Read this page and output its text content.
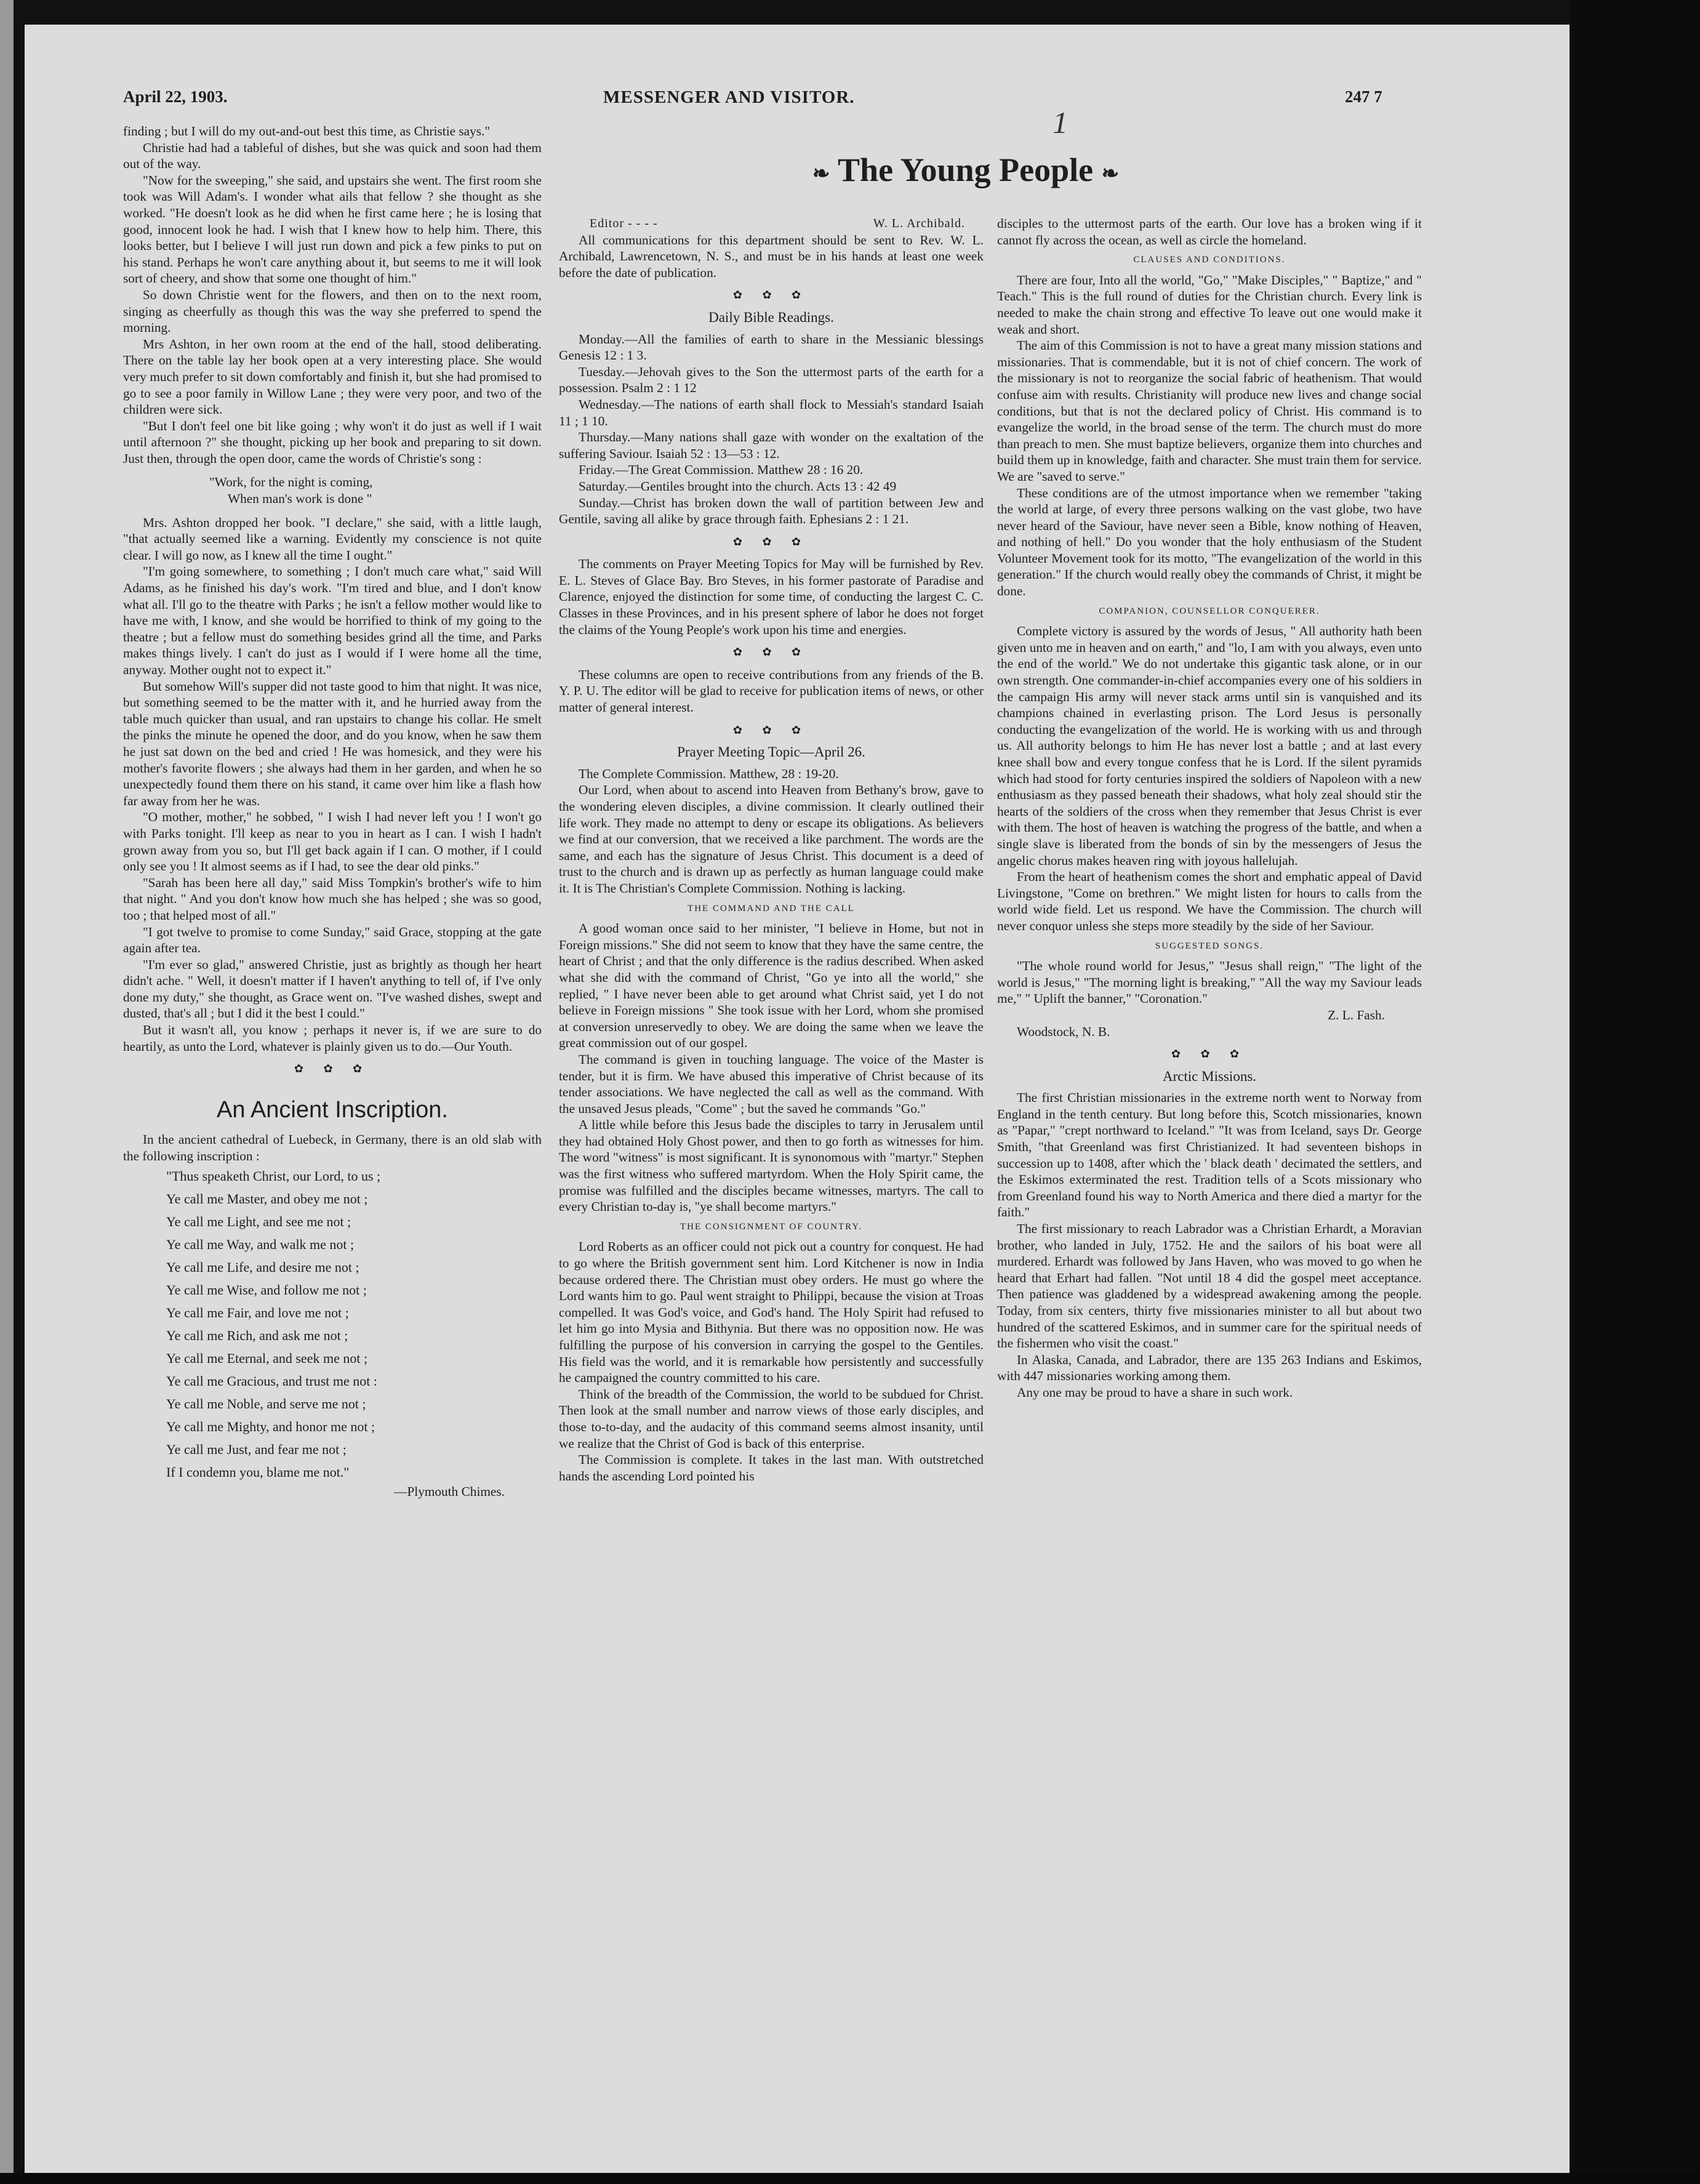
April 22, 1903.	MESSENGER AND VISITOR.	247 7
1
❧ The Young People ❧

finding ; but I will do my out-and-out best this time, as Christie says."

Christie had had a tableful of dishes, but she was quick and soon had them out of the way.

"Now for the sweeping," she said, and upstairs she went. The first room she took was Will Adam's. I wonder what ails that fellow ? she thought as she worked. "He doesn't look as he did when he first came here ; he is losing that good, innocent look he had. I wish that I knew how to help him. There, this looks better, but I believe I will just run down and pick a few pinks to put on his stand. Perhaps he won't care anything about it, but seems to me it will look sort of cheery, and show that some one thought of him."

So down Christie went for the flowers, and then on to the next room, singing as cheerfully as though this was the way she preferred to spend the morning.

Mrs Ashton, in her own room at the end of the hall, stood deliberating. There on the table lay her book open at a very interesting place. She would very much prefer to sit down comfortably and finish it, but she had promised to go to see a poor family in Willow Lane ; they were very poor, and two of the children were sick.

"But I don't feel one bit like going ; why won't it do just as well if I wait until afternoon ?" she thought, picking up her book and preparing to sit down. Just then, through the open door, came the words of Christie's song :

"Work, for the night is coming,
When man's work is done "

Mrs. Ashton dropped her book. "I declare," she said, with a little laugh, "that actually seemed like a warning. Evidently my conscience is not quite clear. I will go now, as I knew all the time I ought."

"I'm going somewhere, to something ; I don't much care what," said Will Adams, as he finished his day's work. "I'm tired and blue, and I don't know what all. I'll go to the theatre with Parks ; he isn't a fellow mother would like to have me with, I know, and she would be horrified to think of my going to the theatre ; but a fellow must do something besides grind all the time, and Parks makes things lively. I can't do just as I would if I were home all the time, anyway. Mother ought not to expect it."

But somehow Will's supper did not taste good to him that night. It was nice, but something seemed to be the matter with it, and he hurried away from the table much quicker than usual, and ran upstairs to change his collar. He smelt the pinks the minute he opened the door, and do you know, when he saw them he just sat down on the bed and cried ! He was homesick, and they were his mother's favorite flowers ; she always had them in her garden, and when he so unexpectedly found them there on his stand, it came over him like a flash how far away from her he was.

"O mother, mother," he sobbed, " I wish I had never left you ! I won't go with Parks tonight. I'll keep as near to you in heart as I can. I wish I hadn't grown away from you so, but I'll get back again if I can. O mother, if I could only see you ! It almost seems as if I had, to see the dear old pinks."

"Sarah has been here all day," said Miss Tompkin's brother's wife to him that night. " And you don't know how much she has helped ; she was so good, too ; that helped most of all."

"I got twelve to promise to come Sunday," said Grace, stopping at the gate again after tea.

"I'm ever so glad," answered Christie, just as brightly as though her heart didn't ache. " Well, it doesn't matter if I haven't anything to tell of, if I've only done my duty," she thought, as Grace went on. "I've washed dishes, swept and dusted, that's all ; but I did it the best I could."

But it wasn't all, you know ; perhaps it never is, if we are sure to do heartily, as unto the Lord, whatever is plainly given us to do.—Our Youth.

✿ ✿ ✿
An Ancient Inscription.

In the ancient cathedral of Luebeck, in Germany, there is an old slab with the following inscription :

"Thus speaketh Christ, our Lord, to us ;
Ye call me Master, and obey me not ;
Ye call me Light, and see me not ;
Ye call me Way, and walk me not ;
Ye call me Life, and desire me not ;
Ye call me Wise, and follow me not ;
Ye call me Fair, and love me not ;
Ye call me Rich, and ask me not ;
Ye call me Eternal, and seek me not ;
Ye call me Gracious, and trust me not :
Ye call me Noble, and serve me not ;
Ye call me Mighty, and honor me not ;
Ye call me Just, and fear me not ;
If I condemn you, blame me not."
—Plymouth Chimes.
Editor - - - -	W. L. Archibald.

All communications for this department should be sent to Rev. W. L. Archibald, Lawrencetown, N. S., and must be in his hands at least one week before the date of publication.

✿ ✿ ✿
Daily Bible Readings.

Monday.—All the families of earth to share in the Messianic blessings Genesis 12 : 1 3.

Tuesday.—Jehovah gives to the Son the uttermost parts of the earth for a possession. Psalm 2 : 1 12

Wednesday.—The nations of earth shall flock to Messiah's standard Isaiah 11 ; 1 10.

Thursday.—Many nations shall gaze with wonder on the exaltation of the suffering Saviour. Isaiah 52 : 13—53 : 12.

Friday.—The Great Commission. Matthew 28 : 16 20.

Saturday.—Gentiles brought into the church. Acts 13 : 42 49

Sunday.—Christ has broken down the wall of partition between Jew and Gentile, saving all alike by grace through faith. Ephesians 2 : 1 21.

✿ ✿ ✿

The comments on Prayer Meeting Topics for May will be furnished by Rev. E. L. Steves of Glace Bay. Bro Steves, in his former pastorate of Paradise and Clarence, enjoyed the distinction for some time, of conducting the largest C. C. Classes in these Provinces, and in his present sphere of labor he does not forget the claims of the Young People's work upon his time and energies.

✿ ✿ ✿

These columns are open to receive contributions from any friends of the B. Y. P. U. The editor will be glad to receive for publication items of news, or other matter of general interest.

✿ ✿ ✿
Prayer Meeting Topic—April 26.

The Complete Commission. Matthew, 28 : 19-20.

Our Lord, when about to ascend into Heaven from Bethany's brow, gave to the wondering eleven disciples, a divine commission. It clearly outlined their life work. They made no attempt to deny or escape its obligations. As believers we find at our conversion, that we received a like parchment. The words are the same, and each has the signature of Jesus Christ. This document is a deed of trust to the church and is drawn up as perfectly as human language could make it. It is The Christian's Complete Commission. Nothing is lacking.

THE COMMAND AND THE CALL

A good woman once said to her minister, "I believe in Home, but not in Foreign missions." She did not seem to know that they have the same centre, the heart of Christ ; and that the only difference is the radius described. When asked what she did with the command of Christ, "Go ye into all the world," she replied, " I have never been able to get around what Christ said, yet I do not believe in Foreign missions " She took issue with her Lord, whom she promised at conversion unreservedly to obey. We are doing the same when we leave the great commission out of our gospel.

The command is given in touching language. The voice of the Master is tender, but it is firm. We have abused this imperative of Christ because of its tender associations. We have neglected the call as well as the command. With the unsaved Jesus pleads, "Come" ; but the saved he commands "Go."

A little while before this Jesus bade the disciples to tarry in Jerusalem until they had obtained Holy Ghost power, and then to go forth as witnesses for him. The word "witness" is most significant. It is synonomous with "martyr." Stephen was the first witness who suffered martyrdom. When the Holy Spirit came, the promise was fulfilled and the disciples became witnesses, martyrs. The call to every Christian to-day is, "ye shall become martyrs."

THE CONSIGNMENT OF COUNTRY.

Lord Roberts as an officer could not pick out a country for conquest. He had to go where the British government sent him. Lord Kitchener is now in India because ordered there. The Christian must obey orders. He must go where the Lord wants him to go. Paul went straight to Philippi, because the vision at Troas compelled. It was God's voice, and God's hand. The Holy Spirit had refused to let him go into Mysia and Bithynia. But there was no opposition now. He was fulfilling the purpose of his conversion in carrying the gospel to the Gentiles. His field was the world, and it is remarkable how persistently and successfully he campaigned the country committed to his care.

Think of the breadth of the Commission, the world to be subdued for Christ. Then look at the small number and narrow views of those early disciples, and those to-to-day, and the audacity of this command seems almost insanity, until we realize that the Christ of God is back of this enterprise.

The Commission is complete. It takes in the last man. With outstretched hands the ascending Lord pointed his

disciples to the uttermost parts of the earth. Our love has a broken wing if it cannot fly across the ocean, as well as circle the homeland.

CLAUSES AND CONDITIONS.

There are four, Into all the world, "Go," "Make Disciples," " Baptize," and " Teach." This is the full round of duties for the Christian church. Every link is needed to make the chain strong and effective To leave out one would make it weak and short.

The aim of this Commission is not to have a great many mission stations and missionaries. That is commendable, but it is not of chief concern. The work of the missionary is not to reorganize the social fabric of heathenism. That would confuse aim with results. Christianity will produce new lives and change social conditions, but that is not the declared policy of Christ. His command is to evangelize the world, in the broad sense of the term. The church must do more than preach to men. She must baptize believers, organize them into churches and build them up in knowledge, faith and character. She must train them for service. We are "saved to serve."

These conditions are of the utmost importance when we remember "taking the world at large, of every three persons walking on the vast globe, two have never heard of the Saviour, have never seen a Bible, know nothing of Heaven, and nothing of hell." Do you wonder that the holy enthusiasm of the Student Volunteer Movement took for its motto, "The evangelization of the world in this generation." If the church would really obey the commands of Christ, it might be done.

COMPANION, COUNSELLOR CONQUERER.

Complete victory is assured by the words of Jesus, " All authority hath been given unto me in heaven and on earth," and "lo, I am with you always, even unto the end of the world." We do not undertake this gigantic task alone, or in our own strength. One commander-in-chief accompanies every one of his soldiers in the campaign His army will never stack arms until sin is vanquished and its champions chained in everlasting prison. The Lord Jesus is personally conducting the evangelization of the world. He is working with us and through us. All authority belongs to him He has never lost a battle ; and at last every knee shall bow and every tongue confess that he is Lord. If the silent pyramids which had stood for forty centuries inspired the soldiers of Napoleon with a new enthusiasm as they passed beneath their shadows, what holy zeal should stir the hearts of the soldiers of the cross when they remember that Jesus Christ is ever with them. The host of heaven is watching the progress of the battle, and when a single slave is liberated from the bonds of sin by the messengers of Jesus the angelic chorus makes heaven ring with joyous hallelujah.

From the heart of heathenism comes the short and emphatic appeal of David Livingstone, "Come on brethren." We might listen for hours to calls from the world wide field. Let us respond. We have the Commission. The church will never conquor unless she steps more steadily by the side of her Saviour.

SUGGESTED SONGS.

"The whole round world for Jesus," "Jesus shall reign," "The light of the world is Jesus," "The morning light is breaking," "All the way my Saviour leads me," " Uplift the banner," "Coronation."

Z. L. Fash.

Woodstock, N. B.

✿ ✿ ✿
Arctic Missions.

The first Christian missionaries in the extreme north went to Norway from England in the tenth century. But long before this, Scotch missionaries, known as "Papar," "crept northward to Iceland." "It was from Iceland, says Dr. George Smith, "that Greenland was first Christianized. It had seventeen bishops in succession up to 1408, after which the ' black death ' decimated the settlers, and the Eskimos exterminated the rest. Tradition tells of a Scots missionary who from Greenland found his way to North America and there died a martyr for the faith."

The first missionary to reach Labrador was a Christian Erhardt, a Moravian brother, who landed in July, 1752. He and the sailors of his boat were all murdered. Erhardt was followed by Jans Haven, who was moved to go when he heard that Erhart had fallen. "Not until 18 4 did the gospel meet acceptance. Then patience was gladdened by a widespread awakening among the people. Today, from six centers, thirty five missionaries minister to all but about two hundred of the scattered Eskimos, and in summer care for the spiritual needs of the fishermen who visit the coast."

In Alaska, Canada, and Labrador, there are 135 263 Indians and Eskimos, with 447 missionaries working among them.

Any one may be proud to have a share in such work.
